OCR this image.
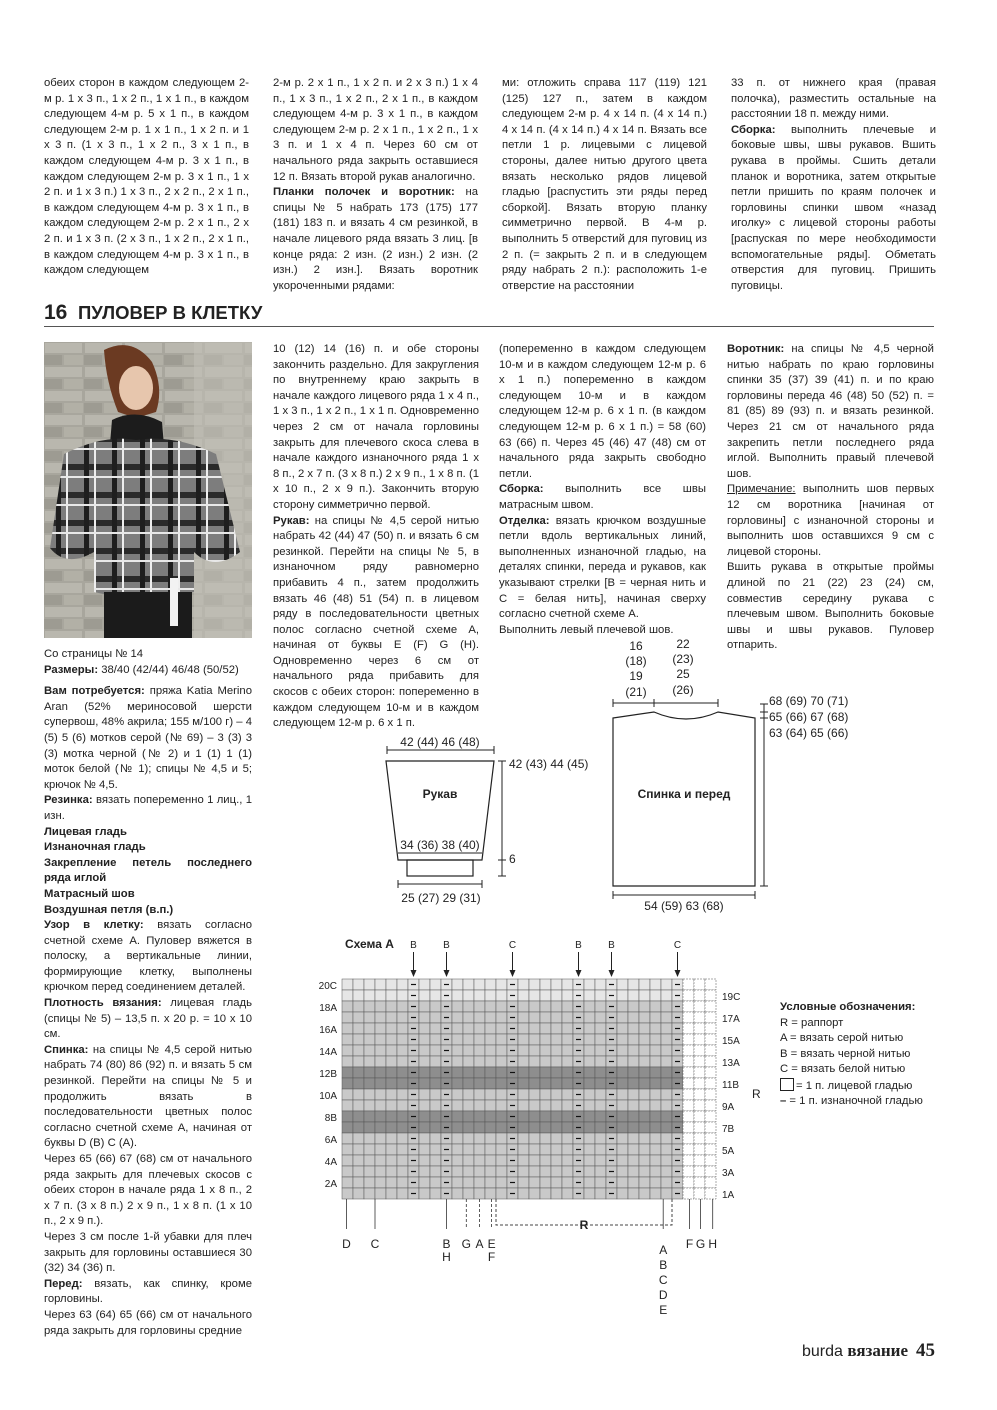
обеих сторон в каждом следующем 2-м р. 1 х 3 п., 1 х 2 п., 1 х 1 п., в каждом следующем 4-м р. 5 х 1 п., в каждом следующем 2-м р. 1 х 1 п., 1 х 2 п. и 1 х 3 п. (1 х 3 п., 1 х 2 п., 3 х 1 п., в каждом следующем 4-м р. 3 х 1 п., в каждом следующем 2-м р. 3 х 1 п., 1 х 2 п. и 1 х 3 п.) 1 х 3 п., 2 х 2 п., 2 х 1 п., в каждом следующем 4-м р. 3 х 1 п., в каждом следующем 2-м р. 2 х 1 п., 2 х 2 п. и 1 х 3 п. (2 х 3 п., 1 х 2 п., 2 х 1 п., в каждом следующем 4-м р. 3 х 1 п., в каждом следующем

2-м р. 2 х 1 п., 1 х 2 п. и 2 х 3 п.) 1 х 4 п., 1 х 3 п., 1 х 2 п., 2 х 1 п., в каждом следующем 4-м р. 3 х 1 п., в каждом следующем 2-м р. 2 х 1 п., 1 х 2 п., 1 х 3 п. и 1 х 4 п. Через 60 см от начального ряда закрыть оставшиеся 12 п. Вязать второй рукав аналогично.

Планки полочек и воротник: на спицы № 5 набрать 173 (175) 177 (181) 183 п. и вязать 4 см резинкой, в начале лицевого ряда вязать 3 лиц. [в конце ряда: 2 изн. (2 изн.) 2 изн. (2 изн.) 2 изн.]. Вязать воротник укороченными рядами:

ми: отложить справа 117 (119) 121 (125) 127 п., затем в каждом следующем 2-м р. 4 х 14 п. (4 х 14 п.) 4 х 14 п. (4 х 14 п.) 4 х 14 п. Вязать все петли 1 р. лицевыми с лицевой стороны, далее нитью другого цвета вязать несколько рядов лицевой гладью [распустить эти ряды перед сборкой]. Вязать вторую планку симметрично первой. В 4-м р. выполнить 5 отверстий для пуговиц из 2 п. (= закрыть 2 п. и в следующем ряду набрать 2 п.): расположить 1-е отверстие на расстоянии

33 п. от нижнего края (правая полочка), разместить остальные на расстоянии 18 п. между ними.

Сборка: выполнить плечевые и боковые швы, швы рукавов. Вшить рукава в проймы. Сшить детали планок и воротника, затем открытые петли пришить по краям полочек и горловины спинки швом «назад иголку» с лицевой стороны работы [распуская по мере необходимости вспомогательные ряды]. Обметать отверстия для пуговиц. Пришить пуговицы.

16 ПУЛОВЕР В КЛЕТКУ

Со страницы № 14

Размеры: 38/40 (42/44) 46/48 (50/52)

Вам потребуется: пряжа Katia Merino Aran (52% мериносовой шерсти супервош, 48% акрила; 155 м/100 г) – 4 (5) 5 (6) мотков серой (№ 69) – 3 (3) 3 (3) мотка черной (№ 2) и 1 (1) 1 (1) моток белой (№ 1); спицы № 4,5 и 5; крючок № 4,5.

Резинка: вязать попеременно 1 лиц., 1 изн.

Лицевая гладь

Изнаночная гладь

Закрепление петель последнего ряда иглой

Матрасный шов

Воздушная петля (в.п.)

Узор в клетку: вязать согласно счетной схеме А. Пуловер вяжется в полоску, а вертикальные линии, формирующие клетку, выполнены крючком перед соединением деталей.

Плотность вязания: лицевая гладь (спицы № 5) – 13,5 п. х 20 р. = 10 х 10 см.

Спинка: на спицы № 4,5 серой нитью набрать 74 (80) 86 (92) п. и вязать 5 см резинкой. Перейти на спицы № 5 и продолжить вязать в последовательности цветных полос согласно счетной схеме А, начиная от буквы D (B) C (A).

Через 65 (66) 67 (68) см от начального ряда закрыть для плечевых скосов с обеих сторон в начале ряда 1 х 8 п., 2 х 7 п. (3 х 8 п.) 2 х 9 п., 1 х 8 п. (1 х 10 п., 2 х 9 п.).

Через 3 см после 1-й убавки для плеч закрыть для горловины оставшиеся 30 (32) 34 (36) п.

Перед: вязать, как спинку, кроме горловины.

Через 63 (64) 65 (66) см от начального ряда закрыть для горловины средние

10 (12) 14 (16) п. и обе стороны закончить раздельно. Для закругления по внутреннему краю закрыть в начале каждого лицевого ряда 1 х 4 п., 1 х 3 п., 1 х 2 п., 1 х 1 п. Одновременно через 2 см от начала горловины закрыть для плечевого скоса слева в начале каждого изнаночного ряда 1 х 8 п., 2 х 7 п. (3 х 8 п.) 2 х 9 п., 1 х 8 п. (1 х 10 п., 2 х 9 п.). Закончить вторую сторону симметрично первой.

Рукав: на спицы № 4,5 серой нитью набрать 42 (44) 47 (50) п. и вязать 6 см резинкой. Перейти на спицы № 5, в изнаночном ряду равномерно прибавить 4 п., затем продолжить вязать 46 (48) 51 (54) п. в лицевом ряду в последовательности цветных полос согласно счетной схеме А, начиная от буквы E (F) G (H). Одновременно через 6 см от начального ряда прибавить для скосов с обеих сторон: попеременно в каждом следующем 10-м и в каждом следующем 12-м р. 6 х 1 п.

(попеременно в каждом следующем 10-м и в каждом следующем 12-м р. 6 х 1 п.) попеременно в каждом следующем 10-м и в каждом следующем 12-м р. 6 х 1 п. (в каждом следующем 12-м р. 6 х 1 п.) = 58 (60) 63 (66) п. Через 45 (46) 47 (48) см от начального ряда закрыть свободно петли.

Сборка: выполнить все швы матрасным швом.

Отделка: вязать крючком воздушные петли вдоль вертикальных линий, выполненных изнаночной гладью, на деталях спинки, переда и рукавов, как указывают стрелки [B = черная нить и C = белая нить], начиная сверху согласно счетной схеме А.

Выполнить левый плечевой шов.

Воротник: на спицы № 4,5 черной нитью набрать по краю горловины спинки 35 (37) 39 (41) п. и по краю горловины переда 46 (48) 50 (52) п. = 81 (85) 89 (93) п. и вязать резинкой. Через 21 см от начального ряда закрепить петли последнего ряда иглой. Выполнить правый плечевой шов.

Примечание: выполнить шов первых 12 см воротника [начиная от горловины] с изнаночной стороны и выполнить шов оставшихся 9 см с лицевой стороны.

Вшить рукава в открытые проймы длиной по 21 (22) 23 (24) см, совместив середину рукава с плечевым швом. Выполнить боковые швы и швы рукавов. Пуловер отпарить.

42 (44) 46 (48)
Рукав
42 (43) 44 (45)
6
34 (36) 38 (40)
25 (27) 29 (31)
Спинка и перед
16
(18)
19
(21)
22
(23)
25
(26)
68 (69) 70 (71)
65 (66) 67 (68)
63 (64) 65 (66)
54 (59) 63 (68)
Схема А
20C
18A
16A
14A
12B
10A
8B
6A
4A
2A
19C
17A
15A
13A
11B
9A
7B
5A
3A
1A
B	B	C	B	B	C
R
R
D C	B
H
G A E
F	A
B
C
D
E
F G H

Условные обозначения:

R = раппорт

A = вязать серой нитью

B = вязать черной нитью

C = вязать белой нитью

= 1 п. лицевой гладью

– = 1 п. изнаночной гладью

burda вязание 45
